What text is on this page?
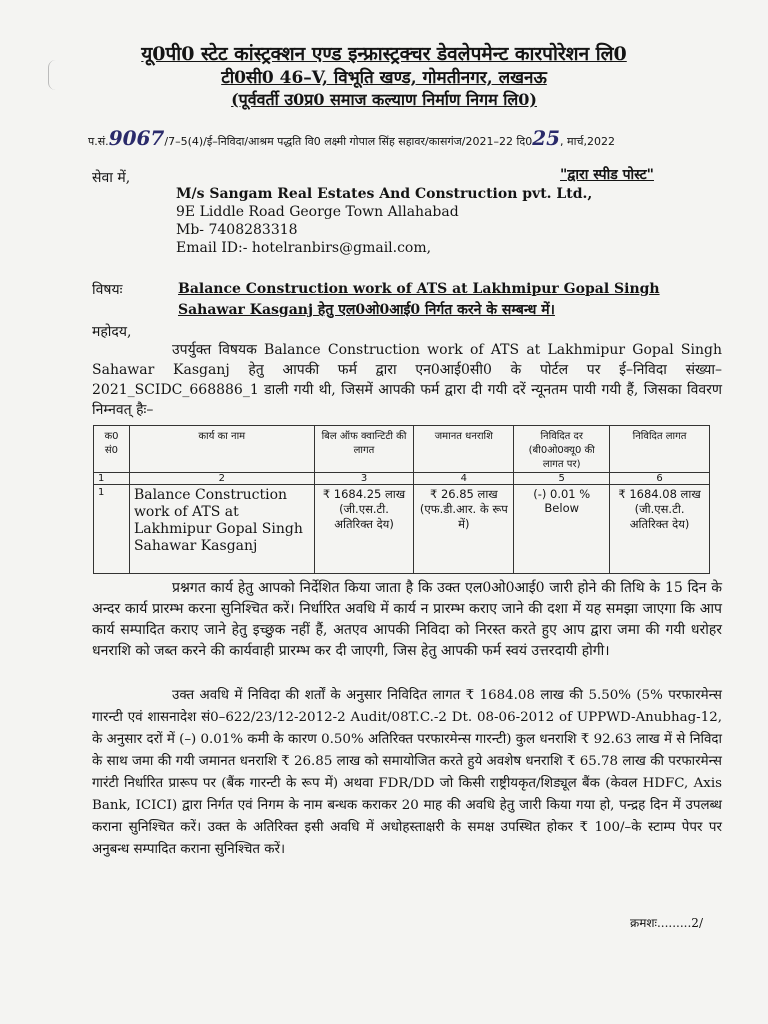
यू0पी0 स्टेट कांस्ट्रक्शन एण्ड इन्फ्रास्ट्रक्चर डेवलेपमेन्ट कारपोरेशन लि0
टी0सी0 46–V, विभूति खण्ड, गोमतीनगर, लखनऊ
(पूर्ववर्ती उ0प्र0 समाज कल्याण निर्माण निगम लि0)
प.सं.9067/7–5(4)/ई–निविदा/आश्रम पद्धति वि0 लक्ष्मी गोपाल सिंह सहावर/कासगंज/2021–22 दि025, मार्च,2022
सेवा में,	"द्वारा स्पीड पोस्ट"
M/s Sangam Real Estates And Construction pvt. Ltd.,
9E Liddle Road George Town Allahabad
Mb- 7408283318
Email ID:- hotelranbirs@gmail.com,
विषयः	Balance Construction work of ATS at Lakhmipur Gopal Singh Sahawar Kasganj हेतु एल0ओ0आई0 निर्गत करने के सम्बन्ध में।
महोदय,
उपर्युक्त विषयक Balance Construction work of ATS at Lakhmipur Gopal Singh Sahawar Kasganj हेतु आपकी फर्म द्वारा एन0आई0सी0 के पोर्टल पर ई–निविदा संख्या–2021_SCIDC_668886_1 डाली गयी थी, जिसमें आपकी फर्म द्वारा दी गयी दरें न्यूनतम पायी गयी हैं, जिसका विवरण निम्नवत् हैः–
क0 सं0	कार्य का नाम	बिल ऑफ क्वान्टिटी की लागत	जमानत धनराशि	निविदित दर (बी0ओ0क्यू0 की लागत पर)	निविदित लागत
1	2	3	4	5	6
1	Balance Construction work of ATS at Lakhmipur Gopal Singh Sahawar Kasganj	₹ 1684.25 लाख (जी.एस.टी. अतिरिक्त देय)	₹ 26.85 लाख (एफ.डी.आर. के रूप में)	(-) 0.01 % Below	₹ 1684.08 लाख (जी.एस.टी. अतिरिक्त देय)
प्रश्नगत कार्य हेतु आपको निर्देशित किया जाता है कि उक्त एल0ओ0आई0 जारी होने की तिथि के 15 दिन के अन्दर कार्य प्रारम्भ करना सुनिश्चित करें। निर्धारित अवधि में कार्य न प्रारम्भ कराए जाने की दशा में यह समझा जाएगा कि आप कार्य सम्पादित कराए जाने हेतु इच्छुक नहीं हैं, अतएव आपकी निविदा को निरस्त करते हुए आप द्वारा जमा की गयी धरोहर धनराशि को जब्त करने की कार्यवाही प्रारम्भ कर दी जाएगी, जिस हेतु आपकी फर्म स्वयं उत्तरदायी होगी।
उक्त अवधि में निविदा की शर्तों के अनुसार निविदित लागत ₹ 1684.08 लाख की 5.50% (5% परफारमेन्स गारन्टी एवं शासनादेश सं0–622/23/12-2012-2 Audit/08T.C.-2 Dt. 08-06-2012 of UPPWD-Anubhag-12, के अनुसार दरों में (–) 0.01% कमी के कारण 0.50% अतिरिक्त परफारमेन्स गारन्टी) कुल धनराशि ₹ 92.63 लाख में से निविदा के साथ जमा की गयी जमानत धनराशि ₹ 26.85 लाख को समायोजित करते हुये अवशेष धनराशि ₹ 65.78 लाख की परफारमेन्स गारंटी निर्धारित प्रारूप पर (बैंक गारन्टी के रूप में) अथवा FDR/DD जो किसी राष्ट्रीयकृत/शिड्यूल बैंक (केवल HDFC, Axis Bank, ICICI) द्वारा निर्गत एवं निगम के नाम बन्धक कराकर 20 माह की अवधि हेतु जारी किया गया हो, पन्द्रह दिन में उपलब्ध कराना सुनिश्चित करें। उक्त के अतिरिक्त इसी अवधि में अधोहस्ताक्षरी के समक्ष उपस्थित होकर ₹ 100/–के स्टाम्प पेपर पर अनुबन्ध सम्पादित कराना सुनिश्चित करें।
क्रमशः.........2/
